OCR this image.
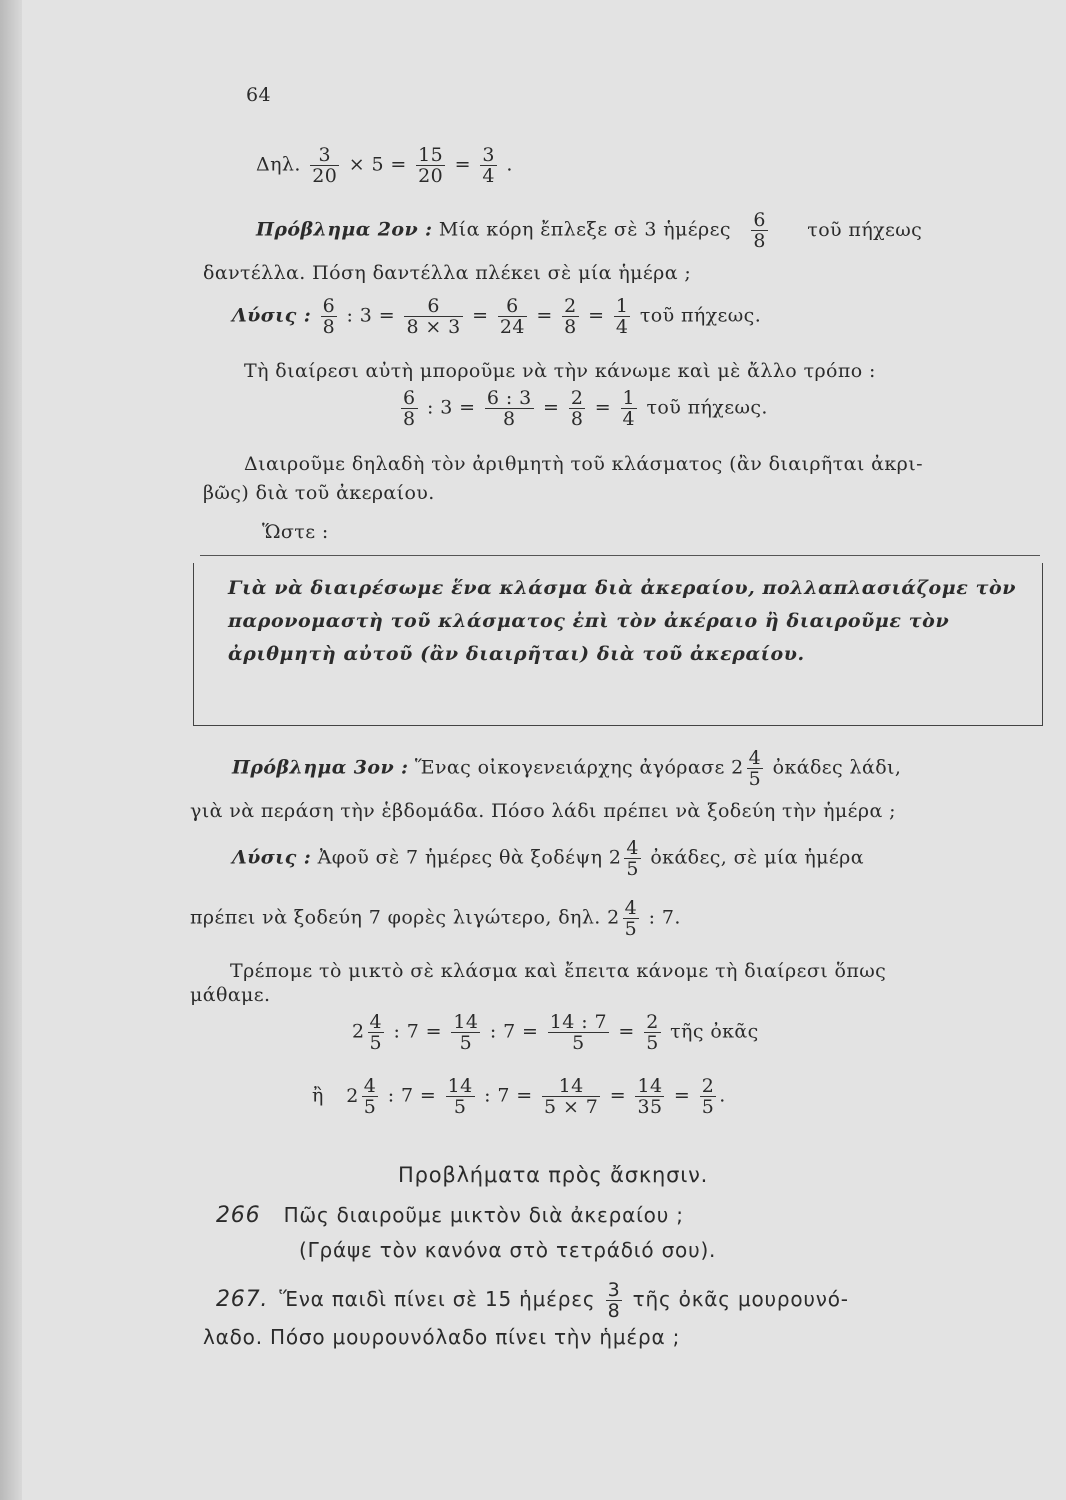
64
Δηλ. $\frac{3}{20} \times 5 = \frac{15}{20} = \frac{3}{4}$ .
Πρόβλημα 2ον : Μία κόρη ἔπλεξε σὲ 3 ἡμέρες $\frac{6}{8}$ τοῦ πήχεως
δαντέλλα. Πόση δαντέλλα πλέκει σὲ μία ἡμέρα ;
Λύσις : $\frac{6}{8}$ : $3 = \frac{6}{8 \times 3} = \frac{6}{24} = \frac{2}{8} = \frac{1}{4}$ τοῦ πήχεως.
Τὴ διαίρεσι αὐτὴ μποροῦμε νὰ τὴν κάνωμε καὶ μὲ ἄλλο τρόπο :
$\frac{6}{8}$ : $3 = \frac{6 : 3}{8} = \frac{2}{8} = \frac{1}{4}$ τοῦ πήχεως.
Διαιροῦμε δηλαδὴ τὸν ἀριθμητὴ τοῦ κλάσματος (ἂν διαιρῆται ἀκρι-
βῶς) διὰ τοῦ ἀκεραίου.
Ὥστε :
Γιὰ νὰ διαιρέσωμε ἕνα κλάσμα διὰ ἀκεραίου, πολλαπλασιάζομε τὸν παρονομαστὴ τοῦ κλάσματος ἐπὶ τὸν ἀκέραιο ἢ διαιροῦμε τὸν ἀριθμητὴ αὐτοῦ (ἂν διαιρῆται) διὰ τοῦ ἀκεραίου.
Πρόβλημα 3ον : Ἕνας οἰκογενειάρχης ἀγόρασε $2 \frac{4}{5}$ ὀκάδες λάδι,
γιὰ νὰ περάση τὴν ἑβδομάδα. Πόσο λάδι πρέπει νὰ ξοδεύη τὴν ἡμέρα ;
Λύσις : Ἀφοῦ σὲ 7 ἡμέρες θὰ ξοδέψη $2 \frac{4}{5}$ ὀκάδες, σὲ μία ἡμέρα
πρέπει νὰ ξοδεύη 7 φορὲς λιγώτερο, δηλ. $2 \frac{4}{5}$ : 7.
Τρέπομε τὸ μικτὸ σὲ κλάσμα καὶ ἔπειτα κάνομε τὴ διαίρεσι ὅπως
μάθαμε.
$2 \frac{4}{5}$ : $7 = \frac{14}{5}$ : $7 = \frac{14 : 7}{5} = \frac{2}{5}$ τῆς ὀκᾶς
ἢ $2 \frac{4}{5}$ : $7 = \frac{14}{5}$ : $7 = \frac{14}{5 \times 7} = \frac{14}{35} = \frac{2}{5}$ .
Προβλήματα πρὸς ἄσκησιν.
266 Πῶς διαιροῦμε μικτὸν διὰ ἀκεραίου ;
(Γράψε τὸν κανόνα στὸ τετράδιό σου).
267. Ἕνα παιδὶ πίνει σὲ 15 ἡμέρες $\frac{3}{8}$ τῆς ὀκᾶς μουρουνό-
λαδο. Πόσο μουρουνόλαδο πίνει τὴν ἡμέρα ;
